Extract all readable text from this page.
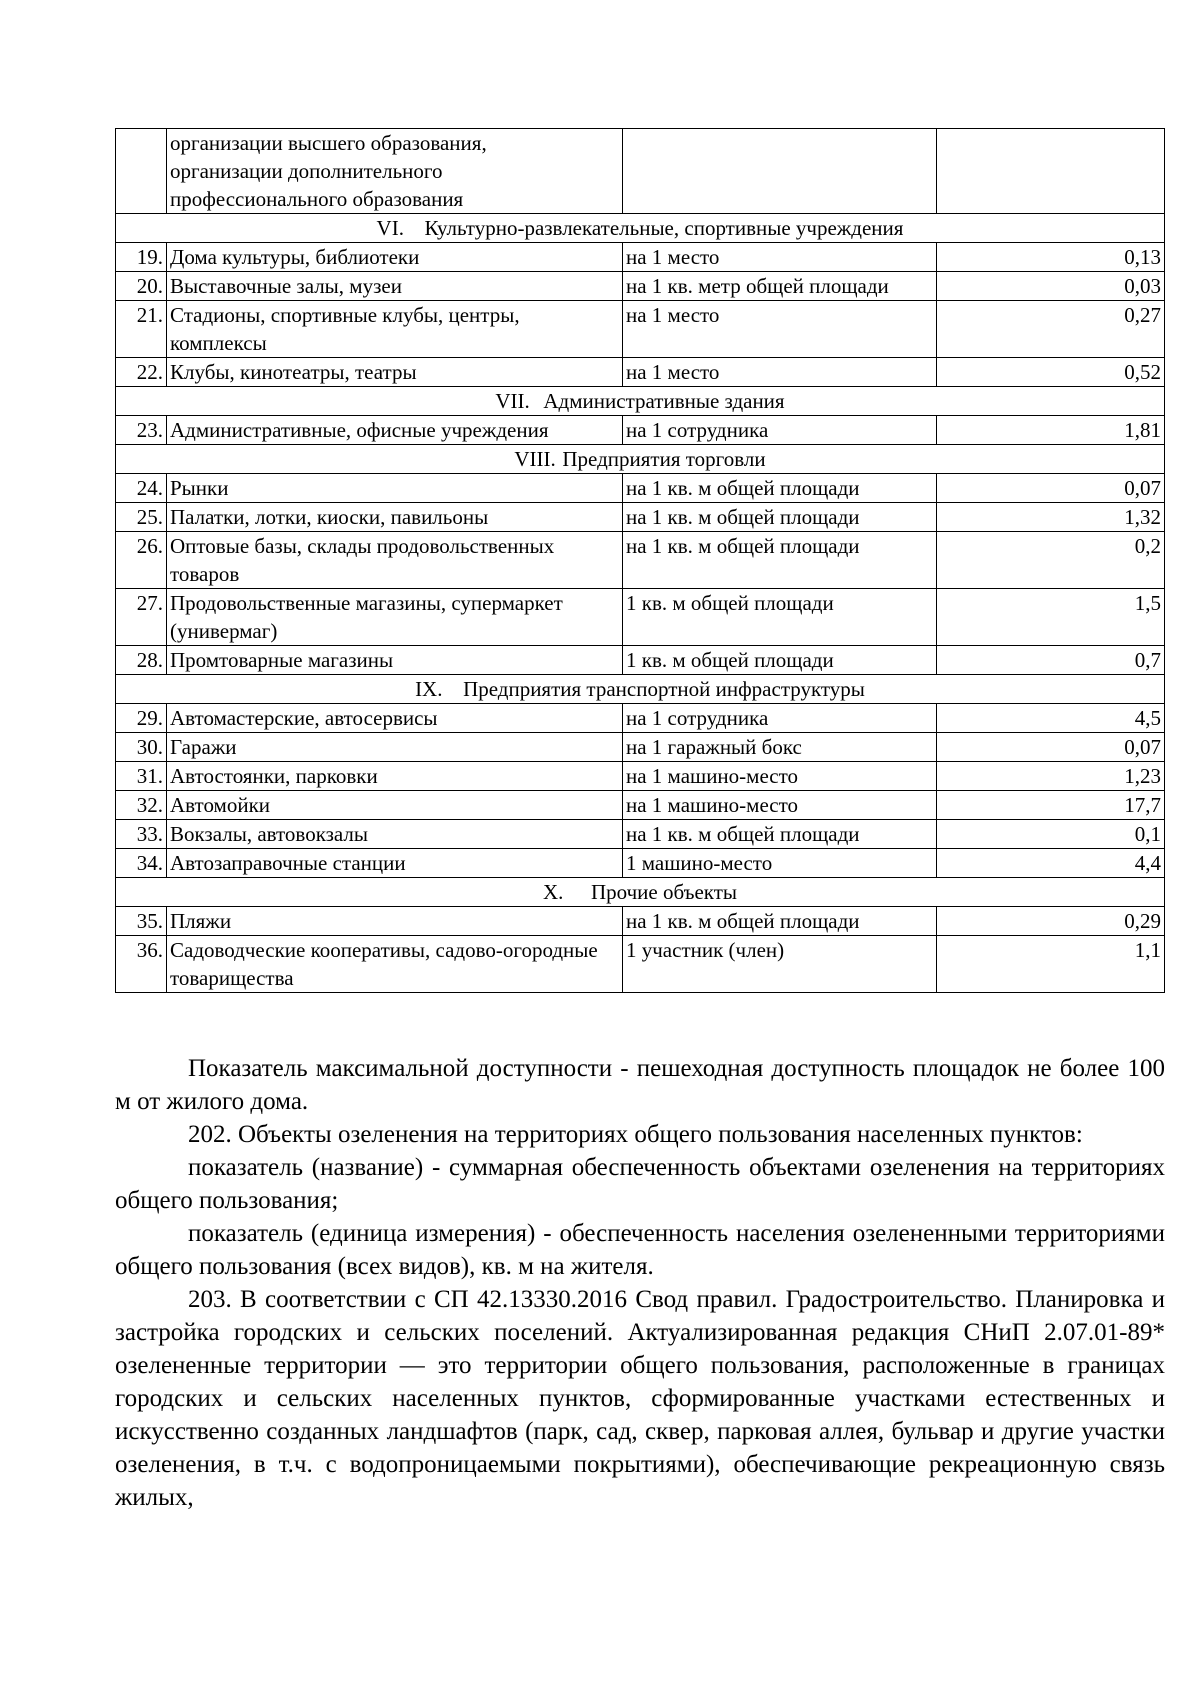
	организации высшего образования,
организации дополнительного
профессионального образования		

VI. Культурно-развлекательные, спортивные учреждения			
19.	Дома культуры, библиотеки	на 1 место	0,13
20.	Выставочные залы, музеи	на 1 кв. метр общей площади	0,03
21.	Стадионы, спортивные клубы, центры, комплексы	на 1 место	0,27
22.	Клубы, кинотеатры, театры	на 1 место	0,52
VII. Административные здания			
23.	Административные, офисные учреждения	на 1 сотрудника	1,81
VIII. Предприятия торговли			
24.	Рынки	на 1 кв. м общей площади	0,07
25.	Палатки, лотки, киоски, павильоны	на 1 кв. м общей площади	1,32
26.	Оптовые базы, склады продовольственных товаров	на 1 кв. м общей площади	0,2
27.	Продовольственные магазины, супермаркет (универмаг)	1 кв. м общей площади	1,5
28.	Промтоварные магазины	1 кв. м общей площади	0,7
IX. Предприятия транспортной инфраструктуры			
29.	Автомастерские, автосервисы	на 1 сотрудника	4,5
30.	Гаражи	на 1 гаражный бокс	0,07
31.	Автостоянки, парковки	на 1 машино-место	1,23
32.	Автомойки	на 1 машино-место	17,7
33.	Вокзалы, автовокзалы	на 1 кв. м общей площади	0,1
34.	Автозаправочные станции	1 машино-место	4,4
X. Прочие объекты			
35.	Пляжи	на 1 кв. м общей площади	0,29
36.	Садоводческие кооперативы, садово-огородные товарищества	1 участник (член)	1,1

Показатель максимальной доступности - пешеходная доступность площадок не более 100 м от жилого дома.

202. Объекты озеленения на территориях общего пользования населенных пунктов:

показатель (название) - суммарная обеспеченность объектами озеленения на территориях общего пользования;

показатель (единица измерения) - обеспеченность населения озелененными территориями общего пользования (всех видов), кв. м на жителя.

203. В соответствии с СП 42.13330.2016 Свод правил. Градостроительство. Планировка и застройка городских и сельских поселений. Актуализированная редакция СНиП 2.07.01-89* озелененные территории — это территории общего пользования, расположенные в границах городских и сельских населенных пунктов, сформированные участками естественных и искусственно созданных ландшафтов (парк, сад, сквер, парковая аллея, бульвар и другие участки озеленения, в т.ч. с водопроницаемыми покрытиями), обеспечивающие рекреационную связь жилых,
